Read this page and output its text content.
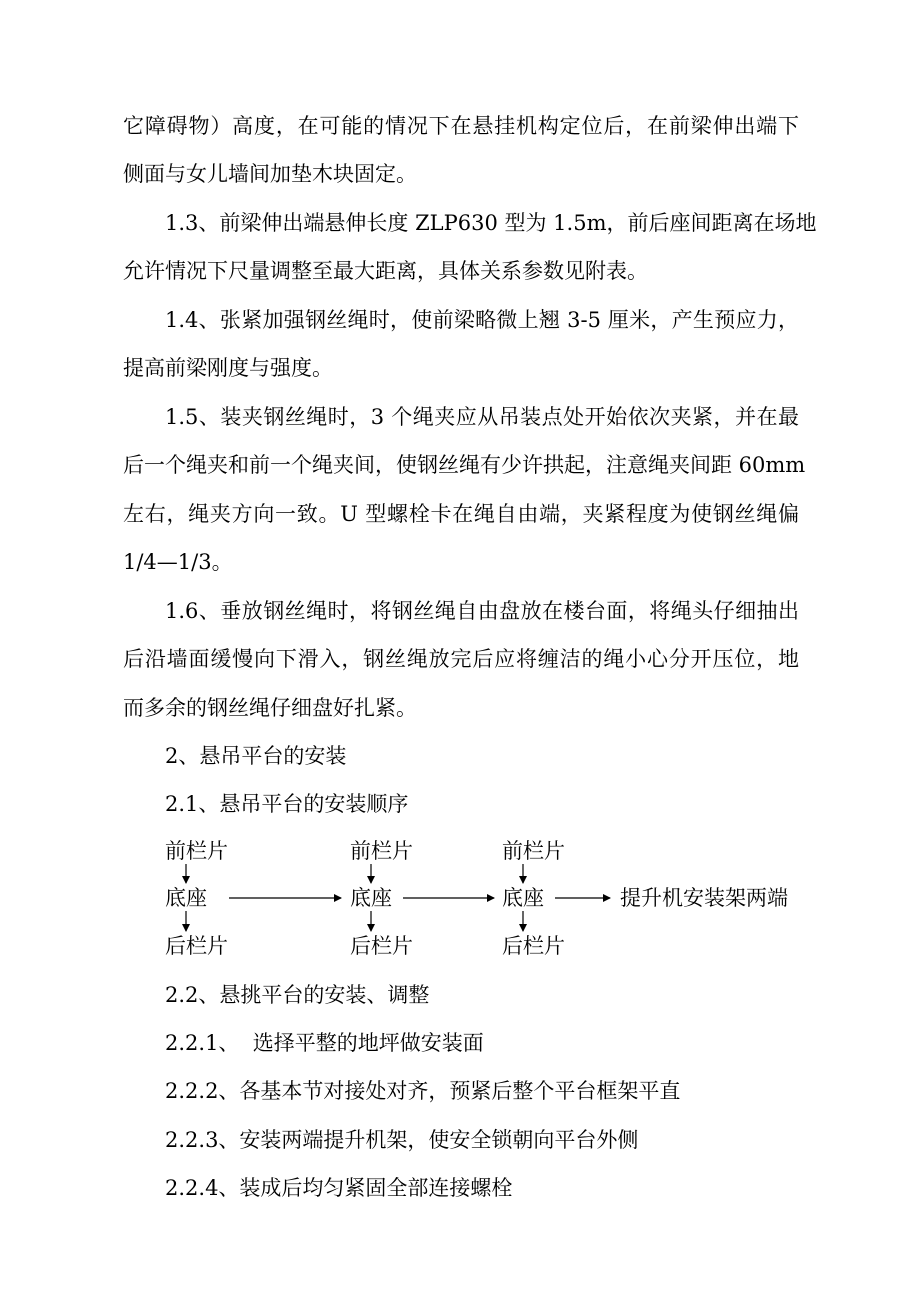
它障碍物）高度，在可能的情况下在悬挂机构定位后，在前梁伸出端下

侧面与女儿墙间加垫木块固定。

1.3、前梁伸出端悬伸长度 ZLP630 型为 1.5m，前后座间距离在场地

允许情况下尺量调整至最大距离，具体关系参数见附表。

1.4、张紧加强钢丝绳时，使前梁略微上翘 3-5 厘米，产生预应力，

提高前梁刚度与强度。

1.5、装夹钢丝绳时，3 个绳夹应从吊装点处开始依次夹紧，并在最

后一个绳夹和前一个绳夹间，使钢丝绳有少许拱起，注意绳夹间距 60mm

左右，绳夹方向一致。U 型螺栓卡在绳自由端，夹紧程度为使钢丝绳偏

1/4—1/3。

1.6、垂放钢丝绳时，将钢丝绳自由盘放在楼台面，将绳头仔细抽出

后沿墙面缓慢向下滑入，钢丝绳放完后应将缠洁的绳小心分开压位，地

而多余的钢丝绳仔细盘好扎紧。

2、悬吊平台的安装

2.1、悬吊平台的安装顺序

前栏片	前栏片	前栏片
底座	底座	底座	提升机安装架两端
后栏片	后栏片	后栏片

2.2、悬挑平台的安装、调整

2.2.1、  选择平整的地坪做安装面

2.2.2、各基本节对接处对齐，预紧后整个平台框架平直

2.2.3、安装两端提升机架，使安全锁朝向平台外侧

2.2.4、装成后均匀紧固全部连接螺栓
